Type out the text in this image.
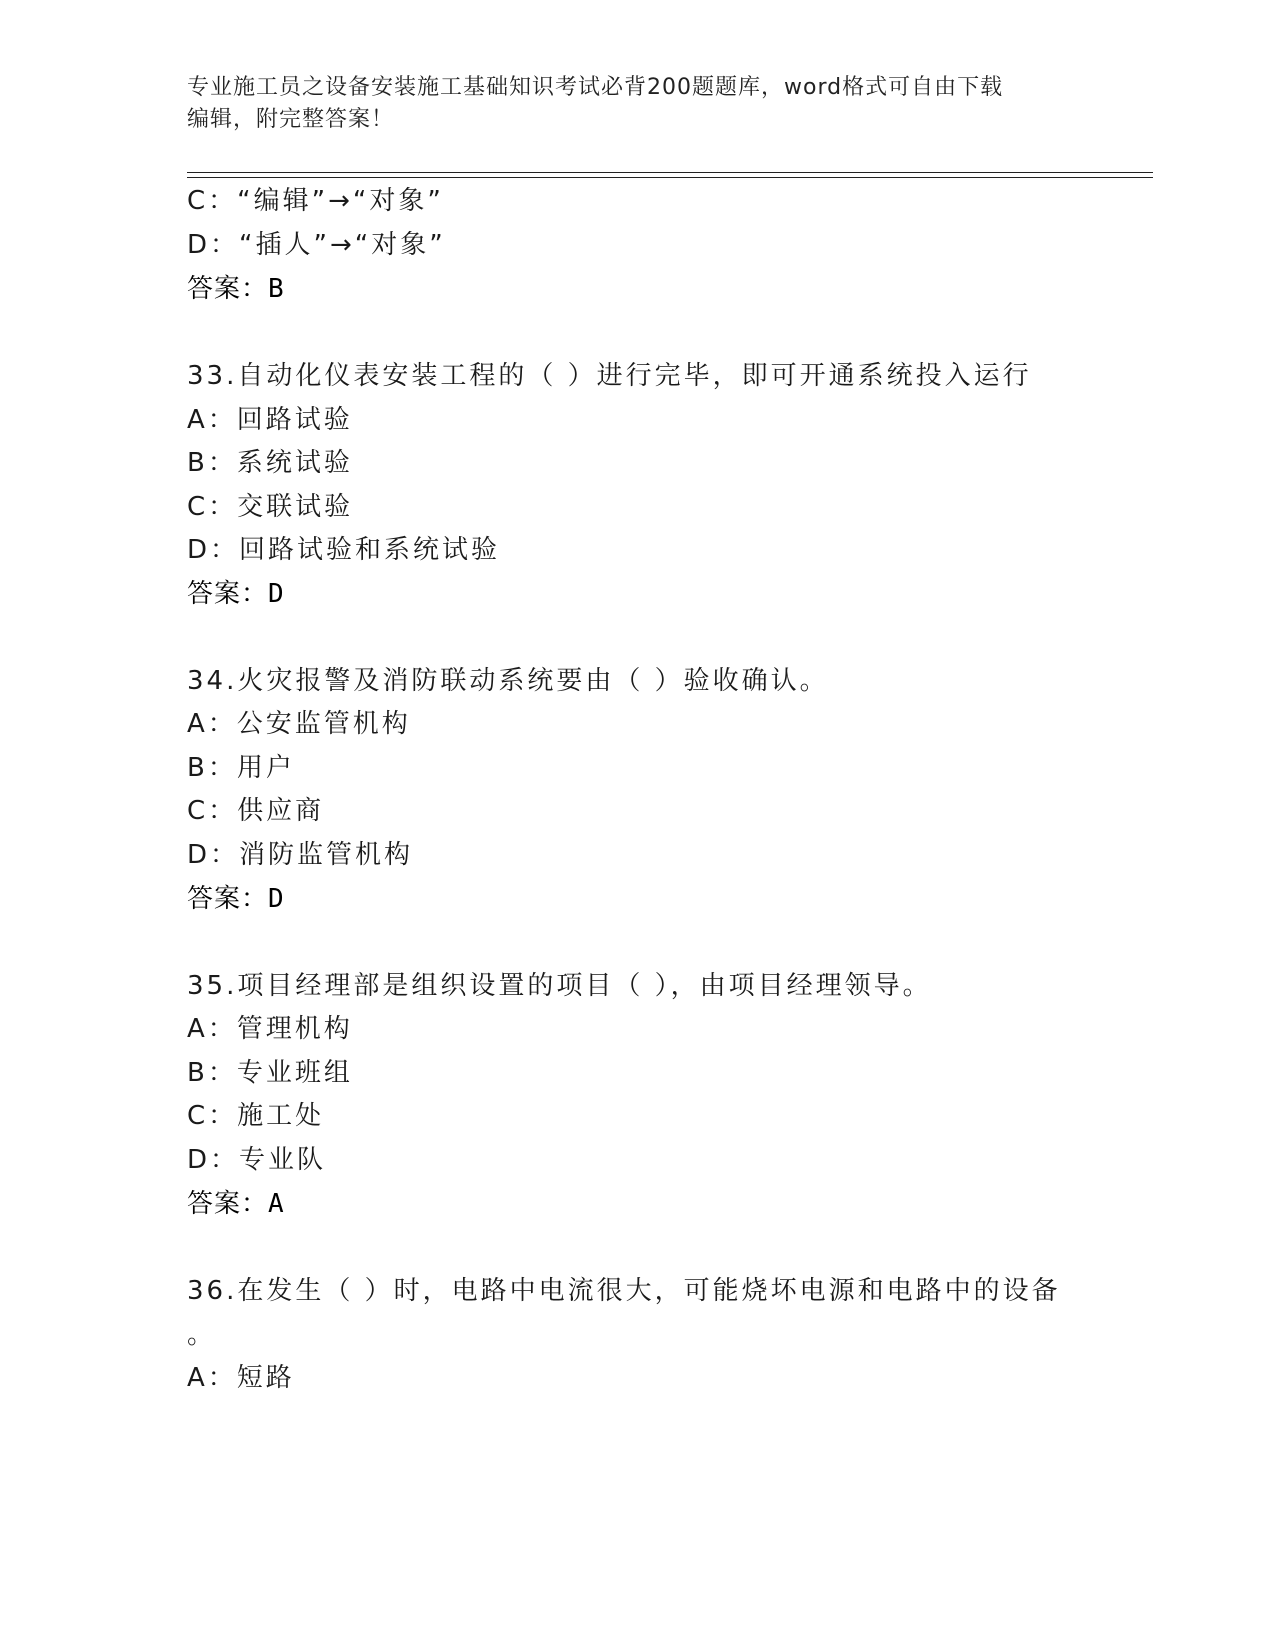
专业施工员之设备安装施工基础知识考试必背200题题库，word格式可自由下载
编辑，附完整答案！
C：“编辑”→“对象”
D：“插人”→“对象”
答案：B
33.自动化仪表安装工程的（ ）进行完毕，即可开通系统投入运行
A：回路试验
B：系统试验
C：交联试验
D：回路试验和系统试验
答案：D
34.火灾报警及消防联动系统要由（ ）验收确认。
A：公安监管机构
B：用户
C：供应商
D：消防监管机构
答案：D
35.项目经理部是组织设置的项目（ ），由项目经理领导。
A：管理机构
B：专业班组
C：施工处
D：专业队
答案：A
36.在发生（ ）时，电路中电流很大，可能烧坏电源和电路中的设备
。
A：短路
